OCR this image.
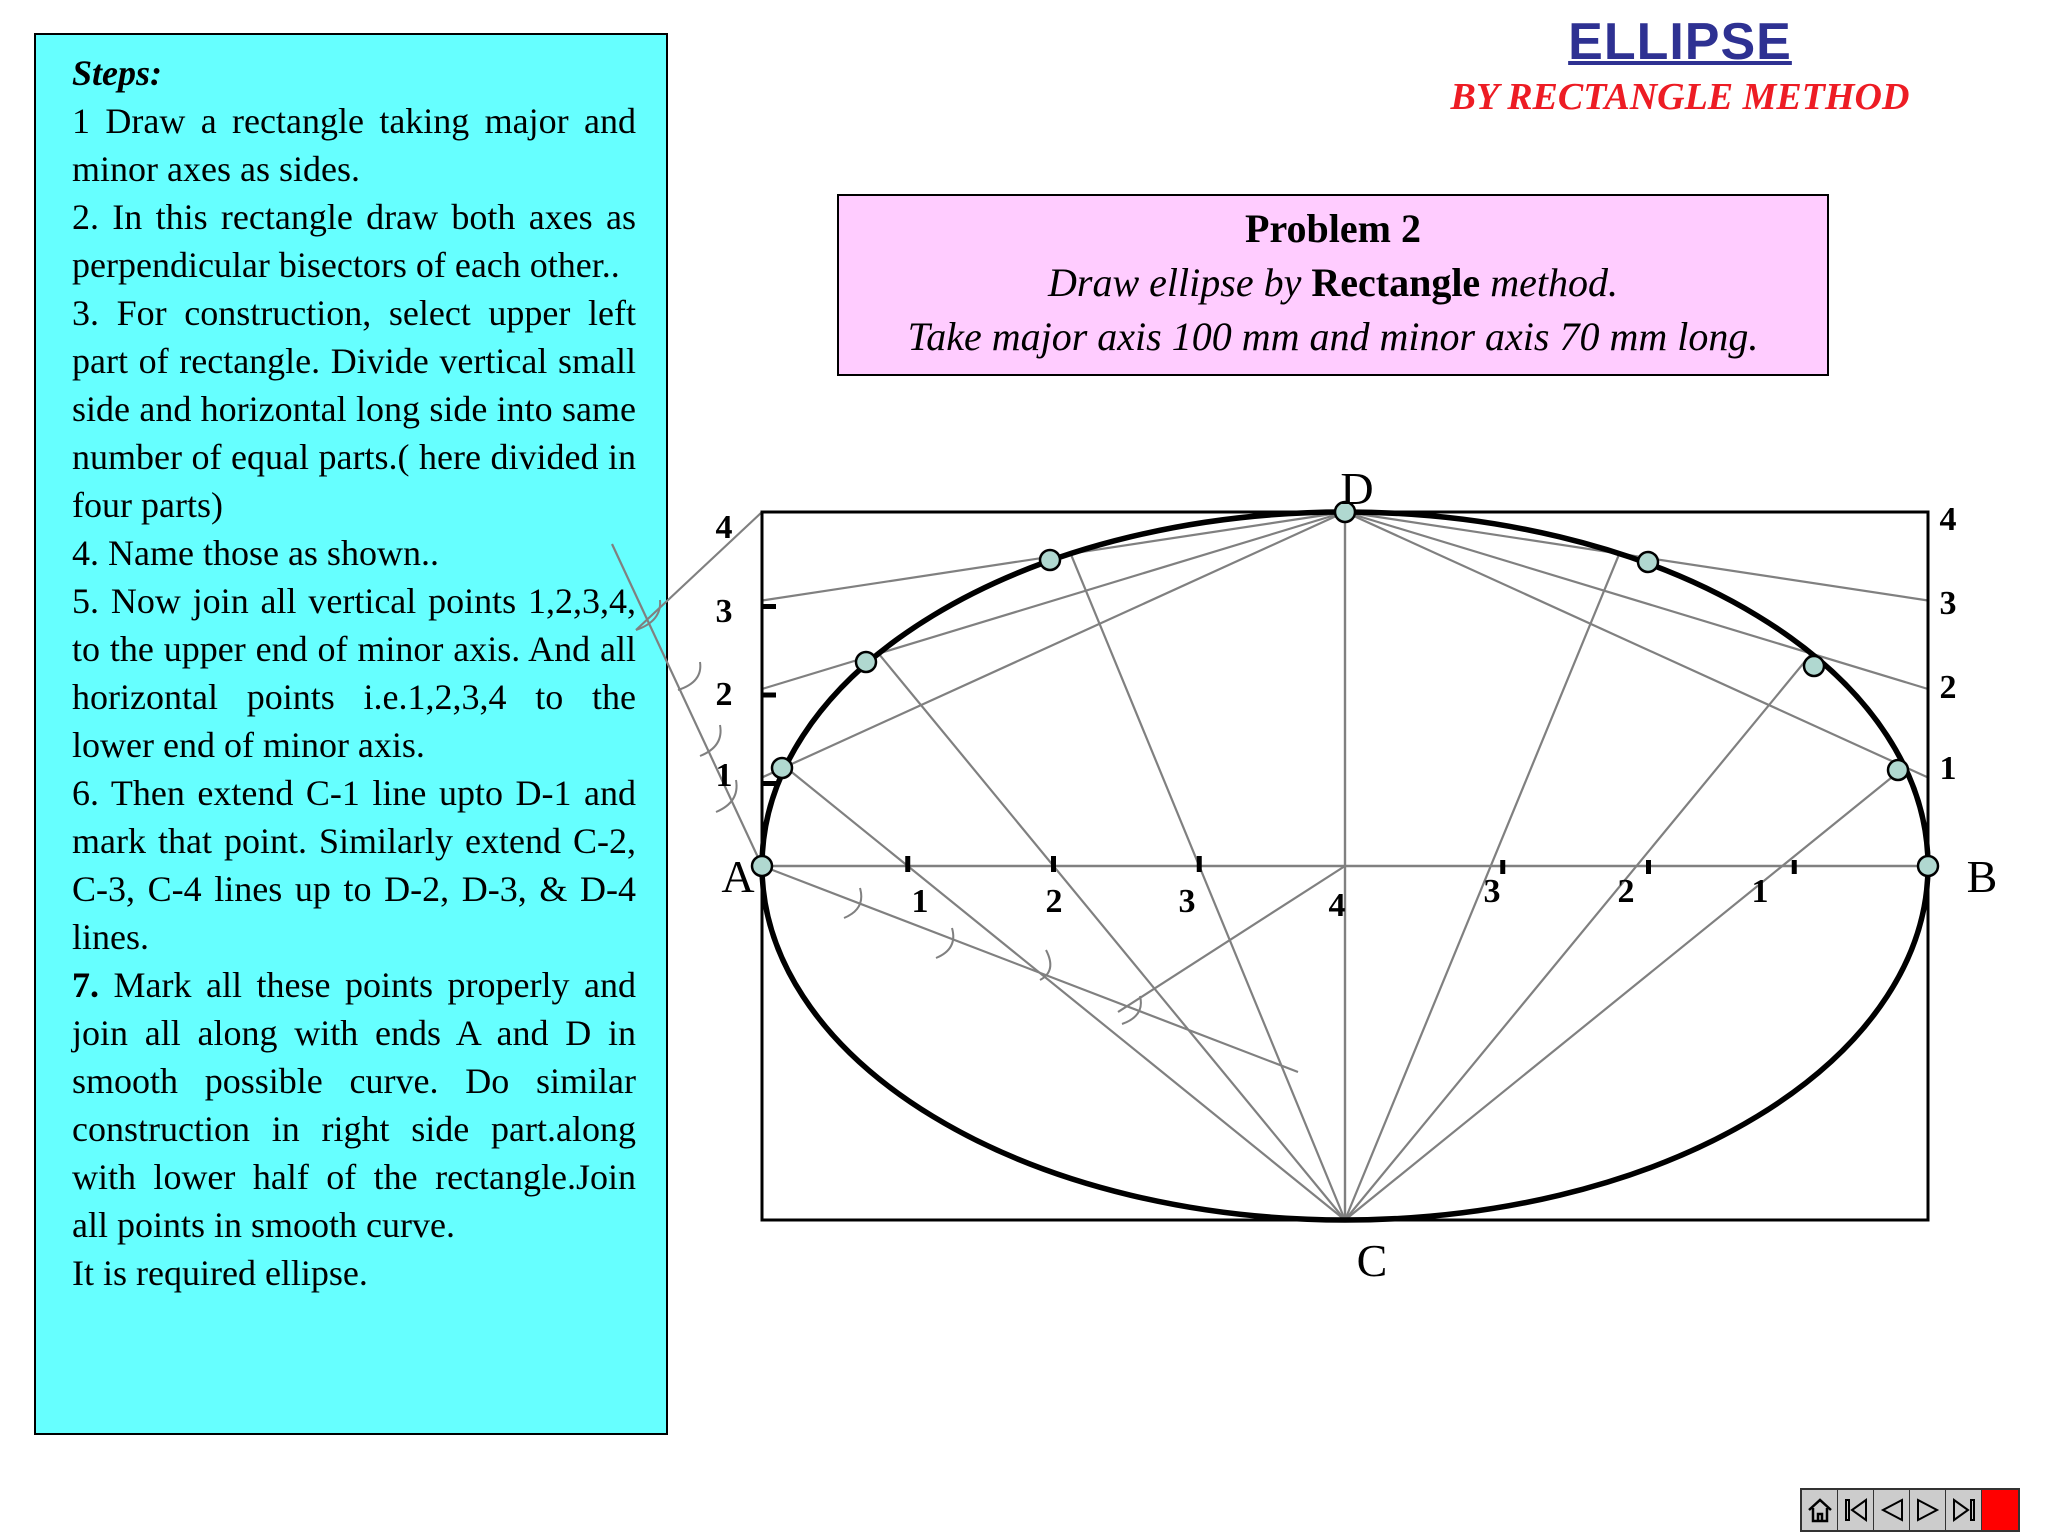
ELLIPSE
BY RECTANGLE METHOD

Steps:

1 Draw a rectangle taking major and minor axes as sides.

2. In this rectangle draw both axes as perpendicular bisectors of each other..

3. For construction, select upper left part of rectangle. Divide vertical small side and horizontal long side into same number of equal parts.( here divided in four parts)

4. Name those as shown..

5. Now join all vertical points 1,2,3,4, to the upper end of minor axis. And all horizontal points i.e.1,2,3,4 to the lower end of minor axis.

6. Then extend C-1 line upto D-1 and mark that point. Similarly extend C-2, C-3, C-4 lines up to D-2, D-3, & D-4 lines.

7. Mark all these points properly and join all along with ends A and D in smooth possible curve. Do similar construction in right side part.along with lower half of the rectangle.Join all points in smooth curve.

It is required ellipse.

Problem 2
Draw ellipse by Rectangle method.
Take major axis 100 mm and minor axis 70 mm long.
A	B
C
D
1
2
3
4
1
2
3
4
1	2	3	4	3	2	1
